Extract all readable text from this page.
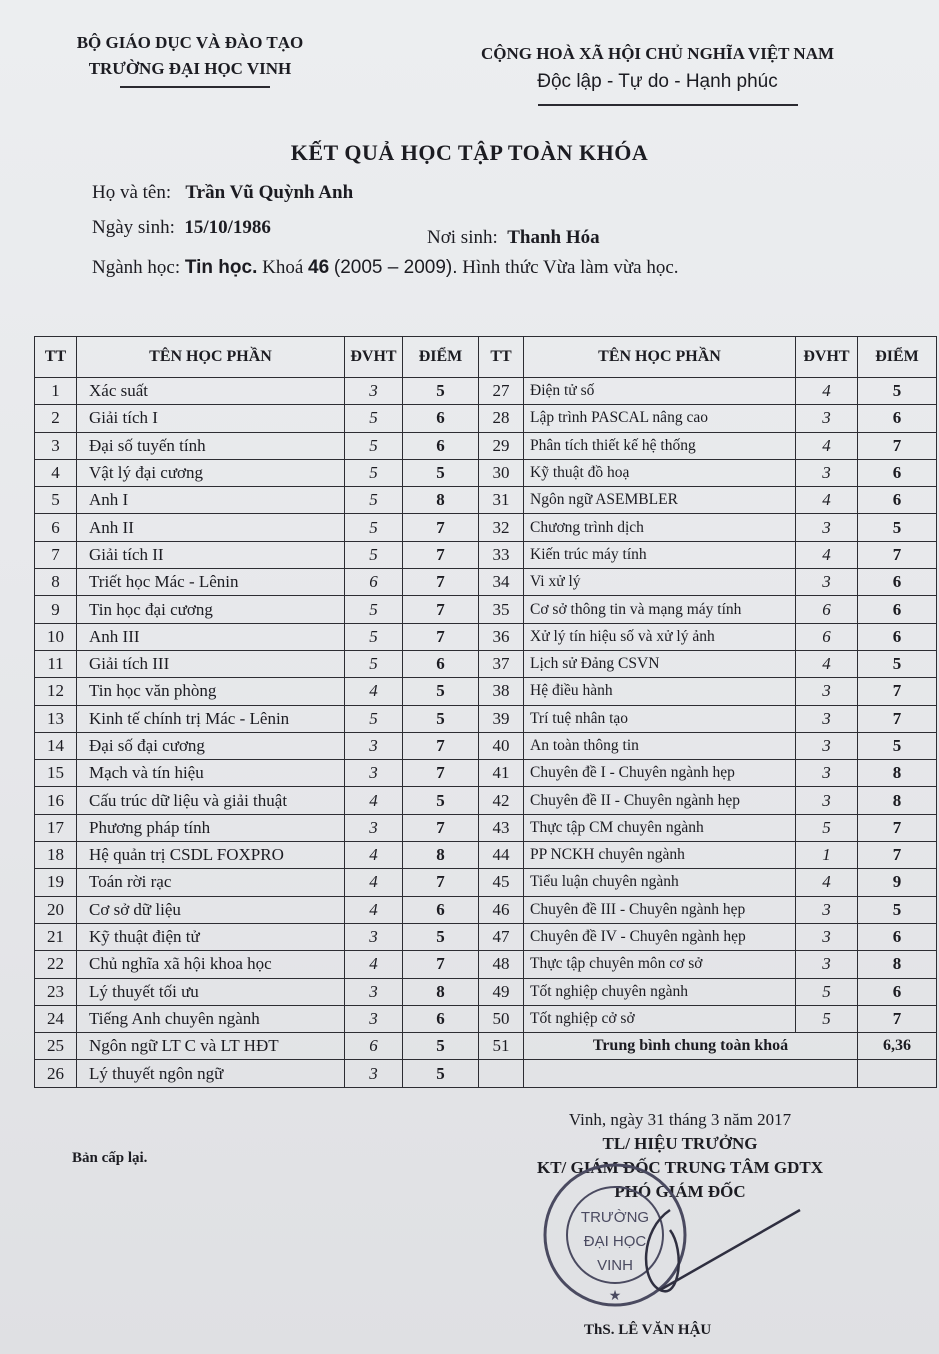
BỘ GIÁO DỤC VÀ ĐÀO TẠO
TRƯỜNG ĐẠI HỌC VINH
CỘNG HOÀ XÃ HỘI CHỦ NGHĨA VIỆT NAM
Độc lập - Tự do - Hạnh phúc
KẾT QUẢ HỌC TẬP TOÀN KHÓA
Họ và tên: Trần Vũ Quỳnh Anh
Ngày sinh: 15/10/1986	Nơi sinh: Thanh Hóa
Ngành học: Tin học. Khoá 46 (2005 – 2009). Hình thức Vừa làm vừa học.
TT	TÊN HỌC PHẦN	ĐVHT	ĐIỂM	TT	TÊN HỌC PHẦN	ĐVHT	ĐIỂM
1	Xác suất	3	5	27	Điện tử số	4	5
2	Giải tích I	5	6	28	Lập trình PASCAL nâng cao	3	6
3	Đại số tuyến tính	5	6	29	Phân tích thiết kế hệ thống	4	7
4	Vật lý đại cương	5	5	30	Kỹ thuật đồ hoạ	3	6
5	Anh I	5	8	31	Ngôn ngữ ASEMBLER	4	6
6	Anh II	5	7	32	Chương trình dịch	3	5
7	Giải tích II	5	7	33	Kiến trúc máy tính	4	7
8	Triết học Mác - Lênin	6	7	34	Vi xử lý	3	6
9	Tin học đại cương	5	7	35	Cơ sở thông tin và mạng máy tính	6	6
10	Anh III	5	7	36	Xử lý tín hiệu số và xử lý ảnh	6	6
11	Giải tích III	5	6	37	Lịch sử Đảng CSVN	4	5
12	Tin học văn phòng	4	5	38	Hệ điều hành	3	7
13	Kinh tế chính trị Mác - Lênin	5	5	39	Trí tuệ nhân tạo	3	7
14	Đại số đại cương	3	7	40	An toàn thông tin	3	5
15	Mạch và tín hiệu	3	7	41	Chuyên đề I - Chuyên ngành hẹp	3	8
16	Cấu trúc dữ liệu và giải thuật	4	5	42	Chuyên đề II - Chuyên ngành hẹp	3	8
17	Phương pháp tính	3	7	43	Thực tập CM chuyên ngành	5	7
18	Hệ quản trị CSDL FOXPRO	4	8	44	PP NCKH chuyên ngành	1	7
19	Toán rời rạc	4	7	45	Tiểu luận chuyên ngành	4	9
20	Cơ sở dữ liệu	4	6	46	Chuyên đề III - Chuyên ngành hẹp	3	5
21	Kỹ thuật điện tử	3	5	47	Chuyên đề IV - Chuyên ngành hẹp	3	6
22	Chủ nghĩa xã hội khoa học	4	7	48	Thực tập chuyên môn cơ sở	3	8
23	Lý thuyết tối ưu	3	8	49	Tốt nghiệp chuyên ngành	5	6
24	Tiếng Anh chuyên ngành	3	6	50	Tốt nghiệp cở sở	5	7
25	Ngôn ngữ LT C và LT HĐT	6	5	51	Trung bình chung toàn khoá		6,36
26	Lý thuyết ngôn ngữ	3	5				
Bản cấp lại.
Vinh, ngày 31 tháng 3 năm 2017
TL/ HIỆU TRƯỞNG
KT/ GIÁM ĐỐC TRUNG TÂM GDTX
PHÓ GIÁM ĐỐC
TRƯỜNG
ĐẠI HỌC
VINH
★
ThS. LÊ VĂN HẬU
